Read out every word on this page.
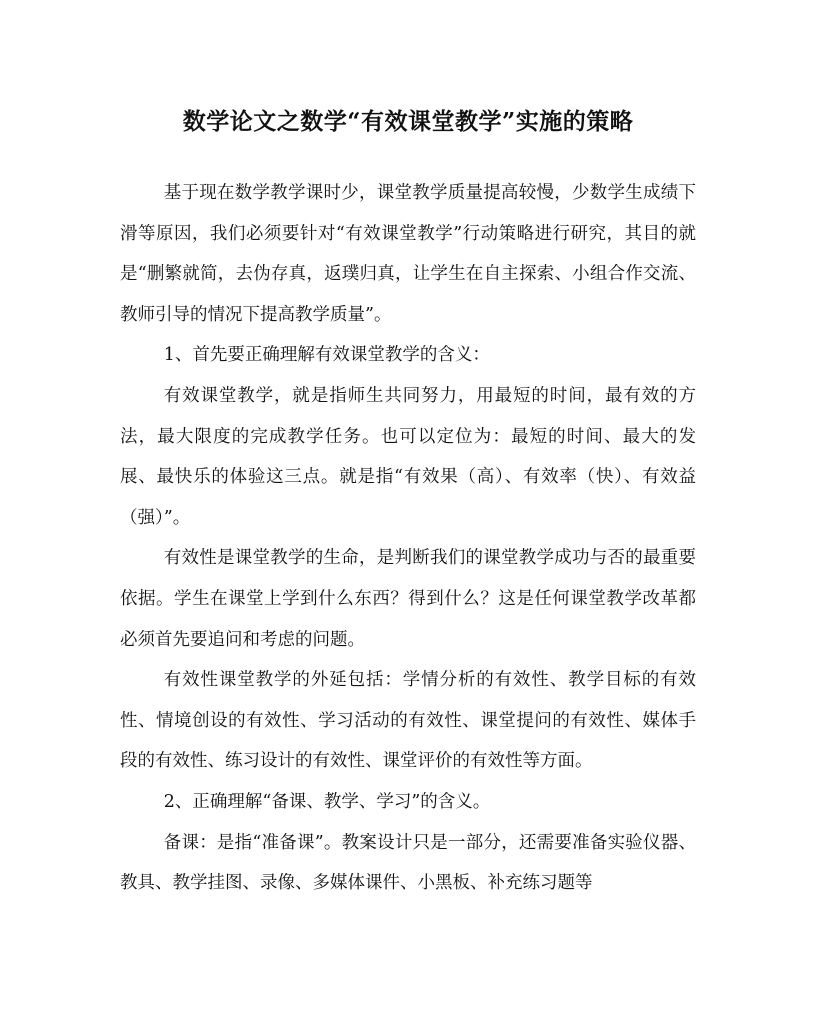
数学论文之数学“有效课堂教学”实施的策略

基于现在数学教学课时少，课堂教学质量提高较慢，少数学生成绩下滑等原因，我们必须要针对“有效课堂教学”行动策略进行研究，其目的就是“删繁就简，去伪存真，返璞归真，让学生在自主探索、小组合作交流、教师引导的情况下提高教学质量”。

1、首先要正确理解有效课堂教学的含义：

有效课堂教学，就是指师生共同努力，用最短的时间，最有效的方法，最大限度的完成教学任务。也可以定位为：最短的时间、最大的发展、最快乐的体验这三点。就是指“有效果（高）、有效率（快）、有效益（强）”。

有效性是课堂教学的生命，是判断我们的课堂教学成功与否的最重要依据。学生在课堂上学到什么东西？得到什么？这是任何课堂教学改革都必须首先要追问和考虑的问题。

有效性课堂教学的外延包括：学情分析的有效性、教学目标的有效性、情境创设的有效性、学习活动的有效性、课堂提问的有效性、媒体手段的有效性、练习设计的有效性、课堂评价的有效性等方面。

2、正确理解“备课、教学、学习”的含义。

备课：是指“准备课”。教案设计只是一部分，还需要准备实验仪器、教具、教学挂图、录像、多媒体课件、小黑板、补充练习题等
